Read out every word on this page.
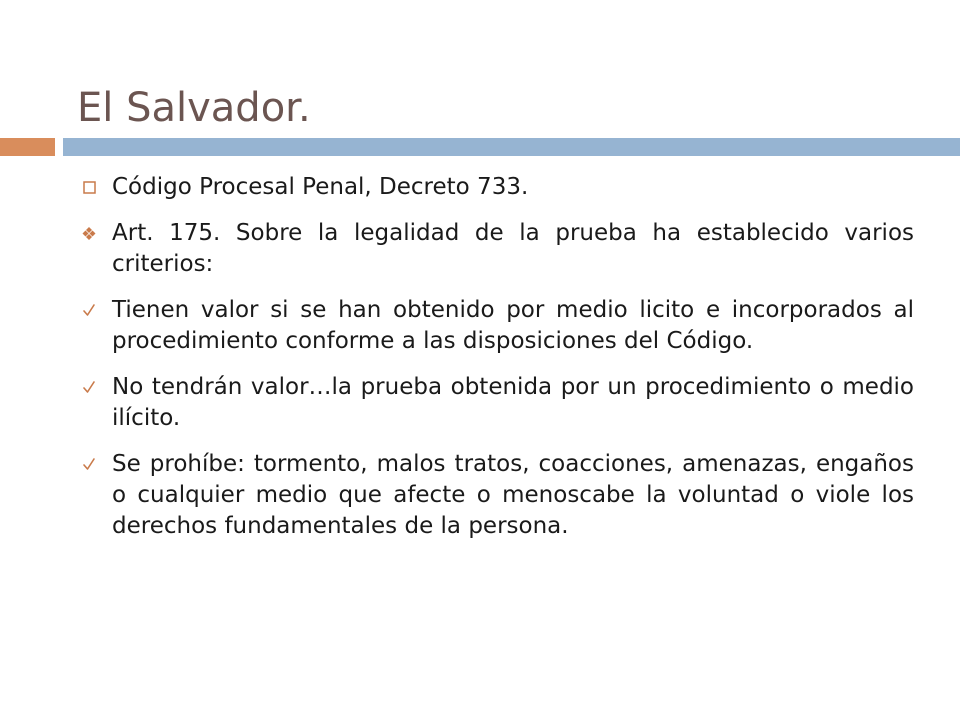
El Salvador.
Código Procesal Penal, Decreto 733.
Art. 175. Sobre la legalidad de la prueba ha establecido varios criterios:
Tienen valor si se han obtenido por medio licito e incorporados al procedimiento conforme a las disposiciones del Código.
No tendrán valor…la prueba obtenida por un procedimiento o medio ilícito.
Se prohíbe: tormento, malos tratos, coacciones, amenazas, engaños o cualquier medio que afecte o menoscabe la voluntad o viole los derechos fundamentales de la persona.
